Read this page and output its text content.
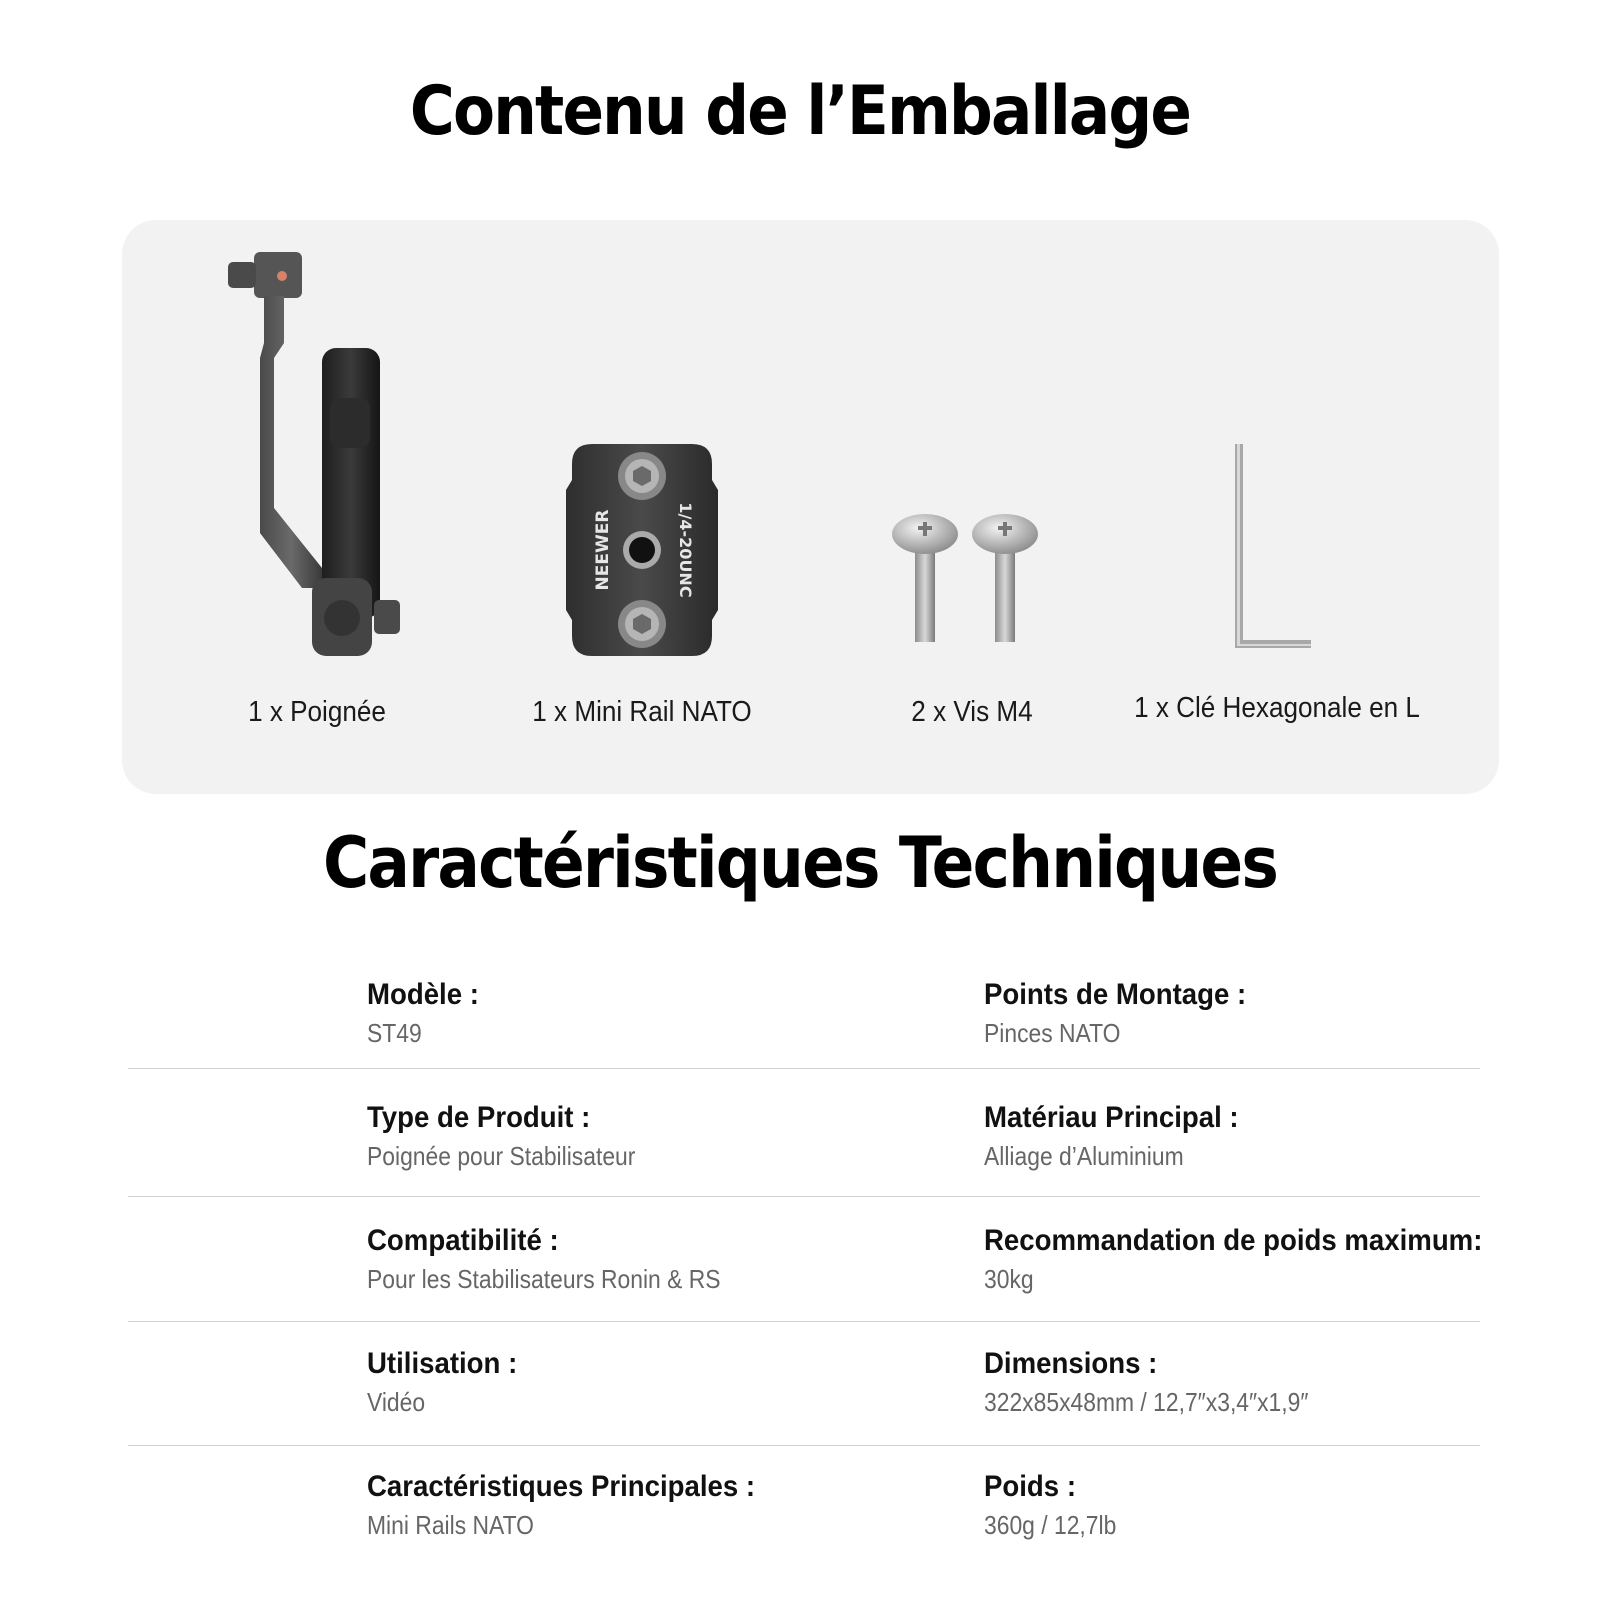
Contenu de l’Emballage
1 x Poignée
NEEWER	1/4-20UNC
1 x Mini Rail NATO	2 x Vis M4	1 x Clé Hexagonale en L
Caractéristiques Techniques
Modèle :
ST49
Points de Montage :
Pinces NATO
Type de Produit :
Poignée pour Stabilisateur
Matériau Principal :
Alliage d’Aluminium
Compatibilité :
Pour les Stabilisateurs Ronin & RS
Recommandation de poids maximum:
30kg
Utilisation :
Vidéo
Dimensions :
322x85x48mm / 12,7″x3,4″x1,9″
Caractéristiques Principales :
Mini Rails NATO
Poids :
360g / 12,7lb
